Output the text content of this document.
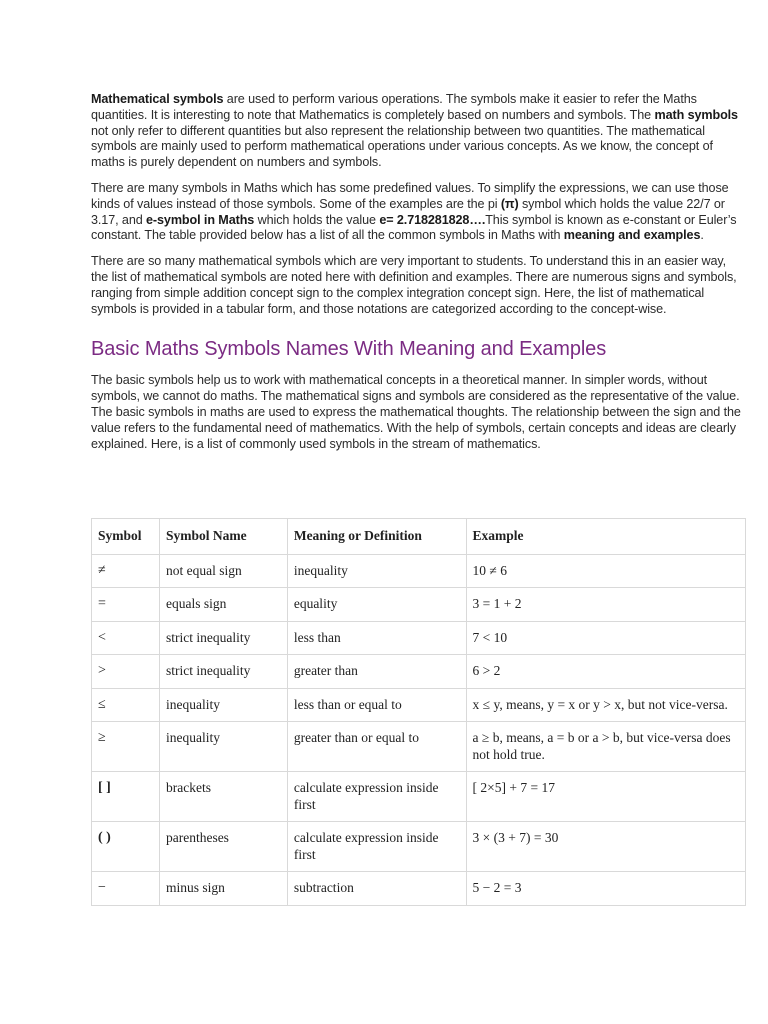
Mathematical symbols are used to perform various operations. The symbols make it easier to refer the Maths quantities. It is interesting to note that Mathematics is completely based on numbers and symbols. The math symbols not only refer to different quantities but also represent the relationship between two quantities. The mathematical symbols are mainly used to perform mathematical operations under various concepts. As we know, the concept of maths is purely dependent on numbers and symbols.

There are many symbols in Maths which has some predefined values. To simplify the expressions, we can use those kinds of values instead of those symbols. Some of the examples are the pi (π) symbol which holds the value 22/7 or 3.17, and e-symbol in Maths which holds the value e= 2.718281828….This symbol is known as e-constant or Euler’s constant. The table provided below has a list of all the common symbols in Maths with meaning and examples.

There are so many mathematical symbols which are very important to students. To understand this in an easier way, the list of mathematical symbols are noted here with definition and examples. There are numerous signs and symbols, ranging from simple addition concept sign to the complex integration concept sign. Here, the list of mathematical symbols is provided in a tabular form, and those notations are categorized according to the concept-wise.

Basic Maths Symbols Names With Meaning and Examples

The basic symbols help us to work with mathematical concepts in a theoretical manner. In simpler words, without symbols, we cannot do maths. The mathematical signs and symbols are considered as the representative of the value. The basic symbols in maths are used to express the mathematical thoughts. The relationship between the sign and the value refers to the fundamental need of mathematics. With the help of symbols, certain concepts and ideas are clearly explained. Here, is a list of commonly used symbols in the stream of mathematics.

Symbol	Symbol Name	Meaning or Definition	Example
≠	not equal sign	inequality	10 ≠ 6
=	equals sign	equality	3 = 1 + 2
<	strict inequality	less than	7 < 10
>	strict inequality	greater than	6 > 2
≤	inequality	less than or equal to	x ≤ y, means, y = x or y > x, but not vice-versa.
≥	inequality	greater than or equal to	a ≥ b, means, a = b or a > b, but vice-versa does not hold true.
[ ]	brackets	calculate expression inside first	[ 2×5] + 7 = 17
( )	parentheses	calculate expression inside first	3 × (3 + 7) = 30
−	minus sign	subtraction	5 − 2 = 3
